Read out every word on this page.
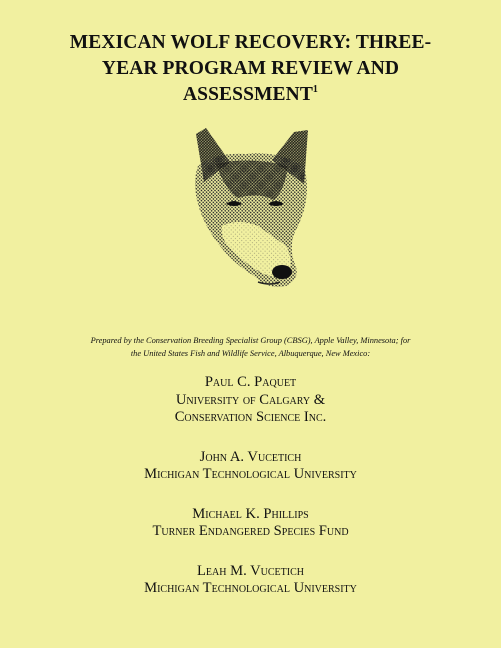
MEXICAN WOLF RECOVERY: THREE-
YEAR PROGRAM REVIEW AND
ASSESSMENT$^1$
Prepared by the Conservation Breeding Specialist Group (CBSG), Apple Valley, Minnesota; for
the United States Fish and Wildlife Service, Albuquerque, New Mexico:
Paul C. Paquet
University of Calgary &
Conservation Science Inc.
John A. Vucetich
Michigan Technological University
Michael K. Phillips
Turner Endangered Species Fund
Leah M. Vucetich
Michigan Technological University
